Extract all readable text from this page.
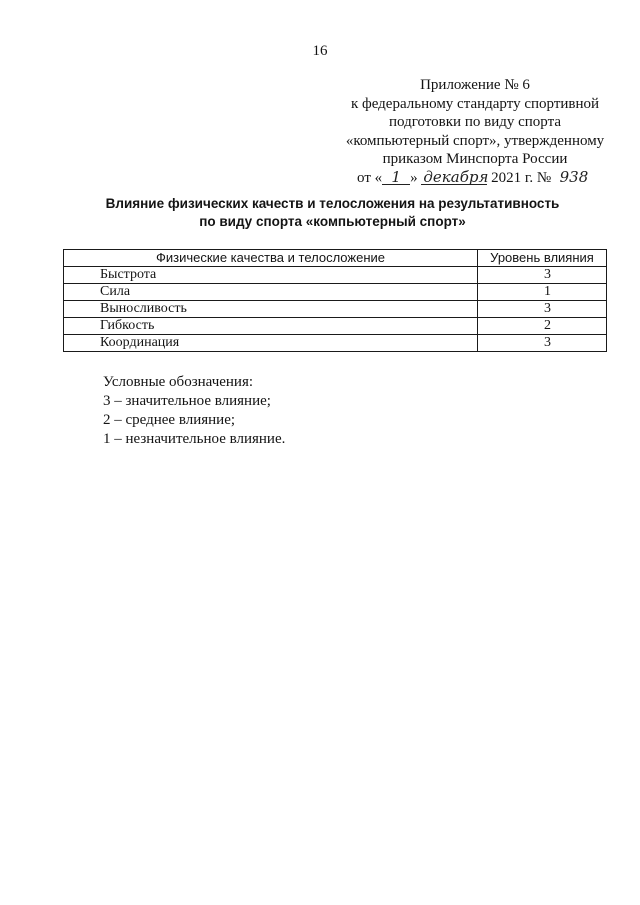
16
Приложение № 6
к федеральному стандарту спортивной
подготовки по виду спорта
«компьютерный спорт», утвержденному
приказом Минспорта России
от « 1 » декабря 2021 г. № 938
Влияние физических качеств и телосложения на результативность
по виду спорта «компьютерный спорт»
Физические качества и телосложение	Уровень влияния
Быстрота	3
Сила	1
Выносливость	3
Гибкость	2
Координация	3
Условные обозначения:
3 – значительное влияние;
2 – среднее влияние;
1 – незначительное влияние.
